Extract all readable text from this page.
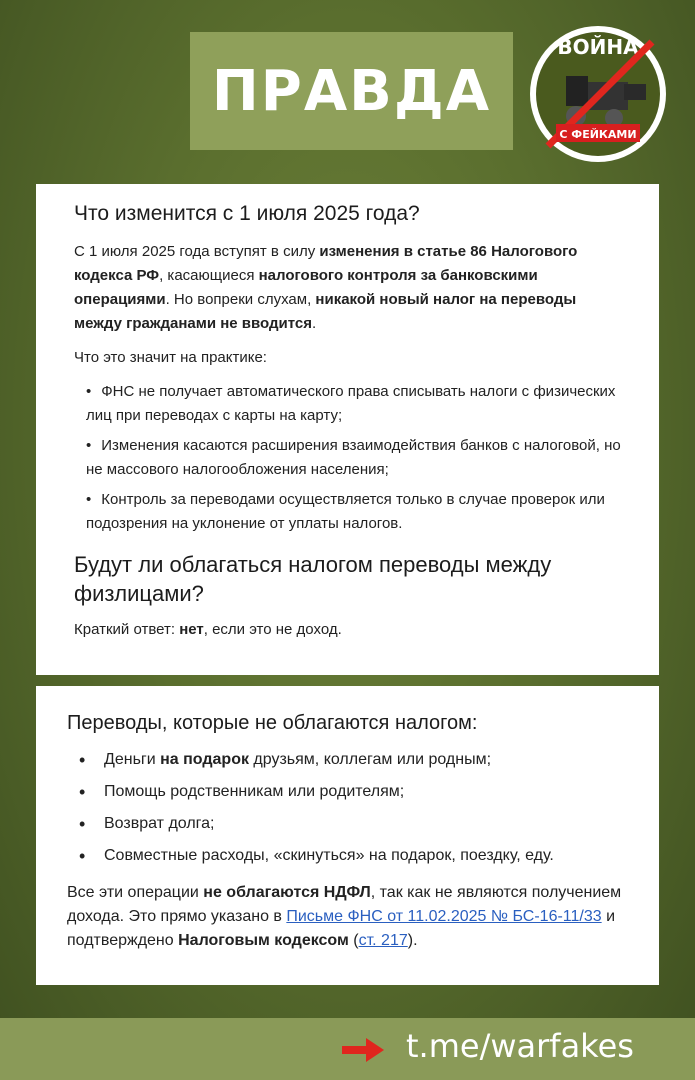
ПРАВДА
ВОЙНА
С ФЕЙКАМИ
Что изменится с 1 июля 2025 года?

С 1 июля 2025 года вступят в силу изменения в статье 86 Налогового кодекса РФ, касающиеся налогового контроля за банковскими операциями. Но вопреки слухам, никакой новый налог на переводы между гражданами не вводится.

Что это значит на практике:

• ФНС не получает автоматического права списывать налоги с физических лиц при переводах с карты на карту;
• Изменения касаются расширения взаимодействия банков с налоговой, но не массового налогообложения населения;
• Контроль за переводами осуществляется только в случае проверок или подозрения на уклонение от уплаты налогов.
Будут ли облагаться налогом переводы между физлицами?

Краткий ответ: нет, если это не доход.

Переводы, которые не облагаются налогом:
• Деньги на подарок друзьям, коллегам или родным;
• Помощь родственникам или родителям;
• Возврат долга;
• Совместные расходы, «скинуться» на подарок, поездку, еду.

Все эти операции не облагаются НДФЛ, так как не являются получением дохода. Это прямо указано в Письме ФНС от 11.02.2025 № БС-16-11/33 и подтверждено Налоговым кодексом (ст. 217).

t.me/warfakes
